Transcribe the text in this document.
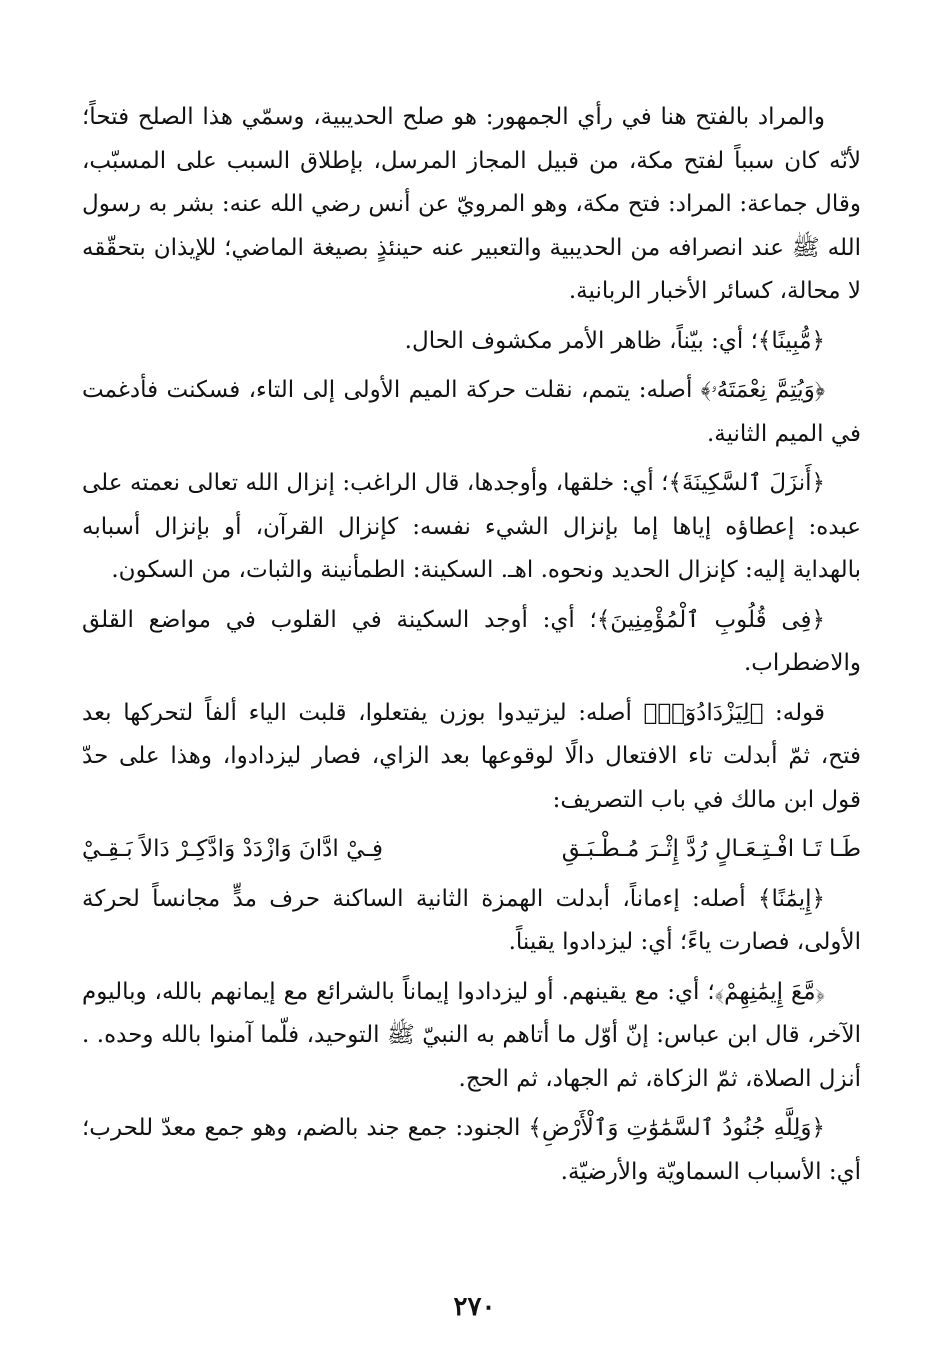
والمراد بالفتح هنا في رأي الجمهور: هو صلح الحديبية، وسمّي هذا الصلح فتحاً؛ لأنّه كان سبباً لفتح مكة، من قبيل المجاز المرسل، بإطلاق السبب على المسبّب، وقال جماعة: المراد: فتح مكة، وهو المرويّ عن أنس رضي الله عنه: بشر به رسول الله ﷺ عند انصرافه من الحديبية والتعبير عنه حينئذٍ بصيغة الماضي؛ للإيذان بتحقّقه لا محالة، كسائر الأخبار الربانية.

﴿مُّبِينًا﴾؛ أي: بيّناً، ظاهر الأمر مكشوف الحال.

﴿وَيُتِمَّ نِعْمَتَهُۥ﴾ أصله: يتمم، نقلت حركة الميم الأولى إلى التاء، فسكنت فأدغمت في الميم الثانية.

﴿أَنزَلَ ٱلسَّكِينَةَ﴾؛ أي: خلقها، وأوجدها، قال الراغب: إنزال الله تعالى نعمته على عبده: إعطاؤه إياها إما بإنزال الشيء نفسه: كإنزال القرآن، أو بإنزال أسبابه بالهداية إليه: كإنزال الحديد ونحوه. اهـ. السكينة: الطمأنينة والثبات، من السكون.

﴿فِى قُلُوبِ ٱلْمُؤْمِنِينَ﴾؛ أي: أوجد السكينة في القلوب في مواضع القلق والاضطراب.

قوله: ﴿لِيَزْدَادُوٓا۟﴾ أصله: ليزتيدوا بوزن يفتعلوا، قلبت الياء ألفاً لتحركها بعد فتح، ثمّ أبدلت تاء الافتعال دالًا لوقوعها بعد الزاي، فصار ليزدادوا، وهذا على حدّ قول ابن مالك في باب التصريف:

طَـا تَـا افْـتِـعَـالٍ رُدَّ إِثْـرَ مُـطْـبَـقِ
فِـيْ ادَّانَ وَازْدَدْ وَادَّكِـرْ دَالاً بَـقِـيْ

﴿إِيمَٰنًا﴾ أصله: إءماناً، أبدلت الهمزة الثانية الساكنة حرف مدٍّ مجانساً لحركة الأولى، فصارت ياءً؛ أي: ليزدادوا يقيناً.

﴿مَّعَ إِيمَٰنِهِمْ﴾؛ أي: مع يقينهم. أو ليزدادوا إيماناً بالشرائع مع إيمانهم بالله، وباليوم الآخر، قال ابن عباس: إنّ أوّل ما أتاهم به النبيّ ﷺ التوحيد، فلّما آمنوا بالله وحده. . أنزل الصلاة، ثمّ الزكاة، ثم الجهاد، ثم الحج.

﴿وَلِلَّهِ جُنُودُ ٱلسَّمَٰوَٰتِ وَٱلْأَرْضِ﴾ الجنود: جمع جند بالضم، وهو جمع معدّ للحرب؛ أي: الأسباب السماويّة والأرضيّة.

٢٧٠
